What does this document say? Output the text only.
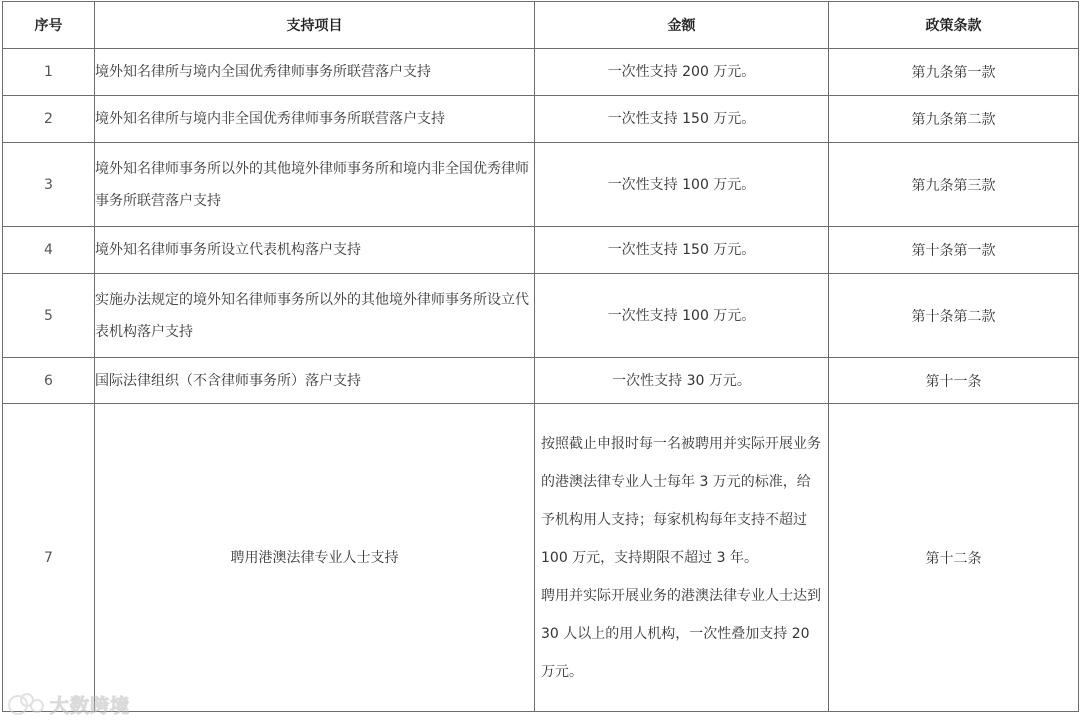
序号	支持项目	金额	政策条款
1	境外知名律所与境内全国优秀律师事务所联营落户支持	一次性支持 200 万元。	第九条第一款
2	境外知名律所与境内非全国优秀律师事务所联营落户支持	一次性支持 150 万元。	第九条第二款
3	境外知名律师事务所以外的其他境外律师事务所和境内非全国优秀律师事务所联营落户支持	一次性支持 100 万元。	第九条第三款
4	境外知名律师事务所设立代表机构落户支持	一次性支持 150 万元。	第十条第一款
5	实施办法规定的境外知名律师事务所以外的其他境外律师事务所设立代表机构落户支持	一次性支持 100 万元。	第十条第二款
6	国际法律组织（不含律师事务所）落户支持	一次性支持 30 万元。	第十一条
7	聘用港澳法律专业人士支持	按照截止申报时每一名被聘用并实际开展业务的港澳法律专业人士每年 3 万元的标准，给予机构用人支持；每家机构每年支持不超过 100 万元，支持期限不超过 3 年。
聘用并实际开展业务的港澳法律专业人士达到 30 人以上的用人机构，一次性叠加支持 20 万元。	第十二条
大数跨境
